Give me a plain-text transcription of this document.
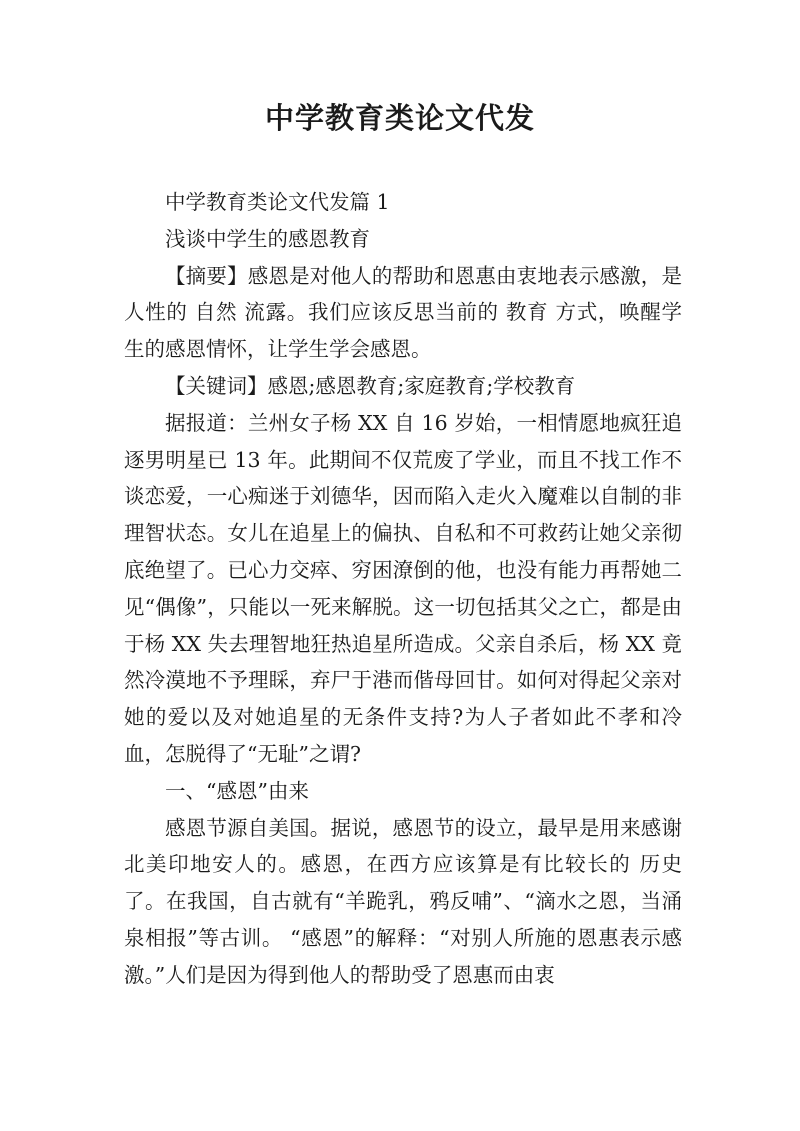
中学教育类论文代发

中学教育类论文代发篇 1

浅谈中学生的感恩教育

【摘要】感恩是对他人的帮助和恩惠由衷地表示感激，是人性的 自然 流露。我们应该反思当前的 教育 方式，唤醒学生的感恩情怀，让学生学会感恩。

【关键词】感恩;感恩教育;家庭教育;学校教育

据报道：兰州女子杨 XX 自 16 岁始，一相情愿地疯狂追逐男明星已 13 年。此期间不仅荒废了学业，而且不找工作不谈恋爱，一心痴迷于刘德华，因而陷入走火入魔难以自制的非理智状态。女儿在追星上的偏执、自私和不可救药让她父亲彻底绝望了。已心力交瘁、穷困潦倒的他，也没有能力再帮她二见“偶像”，只能以一死来解脱。这一切包括其父之亡，都是由于杨 XX 失去理智地狂热追星所造成。父亲自杀后，杨 XX 竟然冷漠地不予理睬，弃尸于港而偕母回甘。如何对得起父亲对她的爱以及对她追星的无条件支持?为人子者如此不孝和冷血，怎脱得了“无耻”之谓?

一、“感恩”由来

感恩节源自美国。据说，感恩节的设立，最早是用来感谢北美印地安人的。感恩，在西方应该算是有比较长的 历史 了。在我国，自古就有“羊跪乳，鸦反哺”、“滴水之恩，当涌泉相报”等古训。 “感恩”的解释：“对别人所施的恩惠表示感激。”人们是因为得到他人的帮助受了恩惠而由衷
